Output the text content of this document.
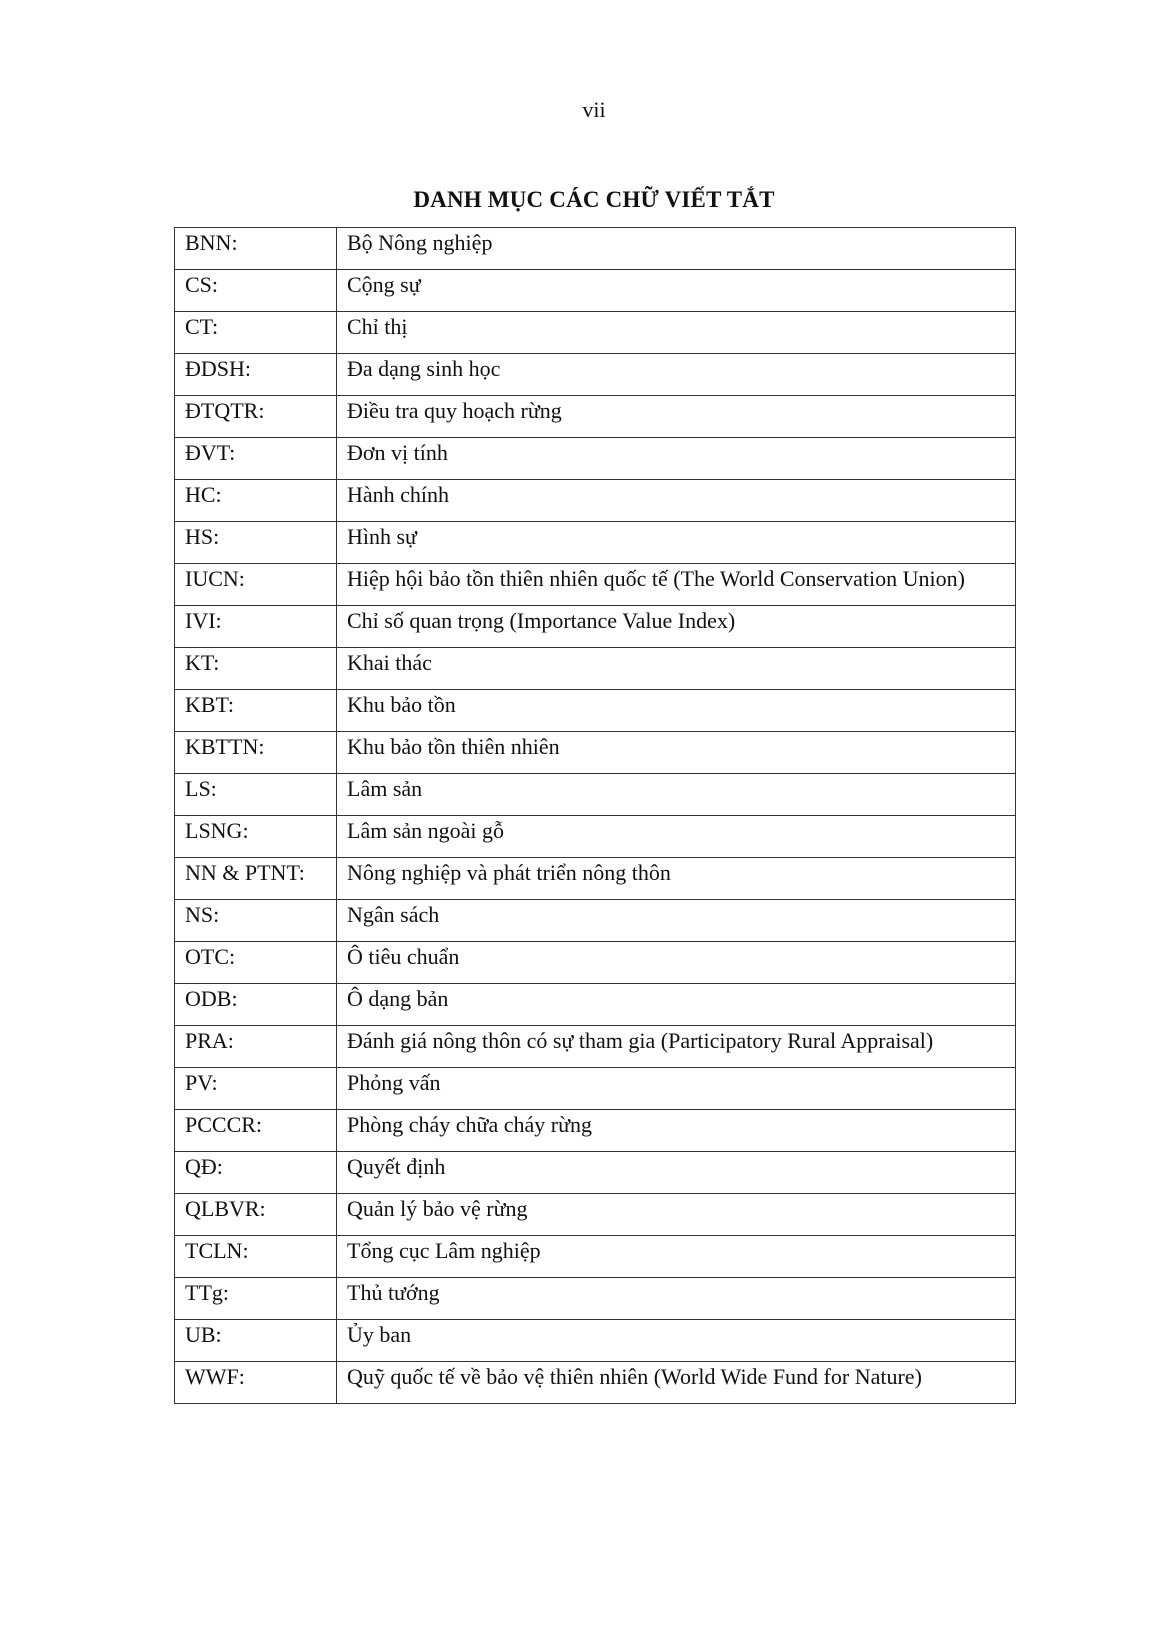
vii
DANH MỤC CÁC CHỮ VIẾT TẮT
BNN:	Bộ Nông nghiệp
CS:	Cộng sự
CT:	Chỉ thị
ĐDSH:	Đa dạng sinh học
ĐTQTR:	Điều tra quy hoạch rừng
ĐVT:	Đơn vị tính
HC:	Hành chính
HS:	Hình sự
IUCN:	Hiệp hội bảo tồn thiên nhiên quốc tế (The World Conservation Union)
IVI:	Chỉ số quan trọng (Importance Value Index)
KT:	Khai thác
KBT:	Khu bảo tồn
KBTTN:	Khu bảo tồn thiên nhiên
LS:	Lâm sản
LSNG:	Lâm sản ngoài gỗ
NN & PTNT:	Nông nghiệp và phát triển nông thôn
NS:	Ngân sách
OTC:	Ô tiêu chuẩn
ODB:	Ô dạng bản
PRA:	Đánh giá nông thôn có sự tham gia (Participatory Rural Appraisal)
PV:	Phỏng vấn
PCCCR:	Phòng cháy chữa cháy rừng
QĐ:	Quyết định
QLBVR:	Quản lý bảo vệ rừng
TCLN:	Tổng cục Lâm nghiệp
TTg:	Thủ tướng
UB:	Ủy ban
WWF:	Quỹ quốc tế về bảo vệ thiên nhiên (World Wide Fund for Nature)
